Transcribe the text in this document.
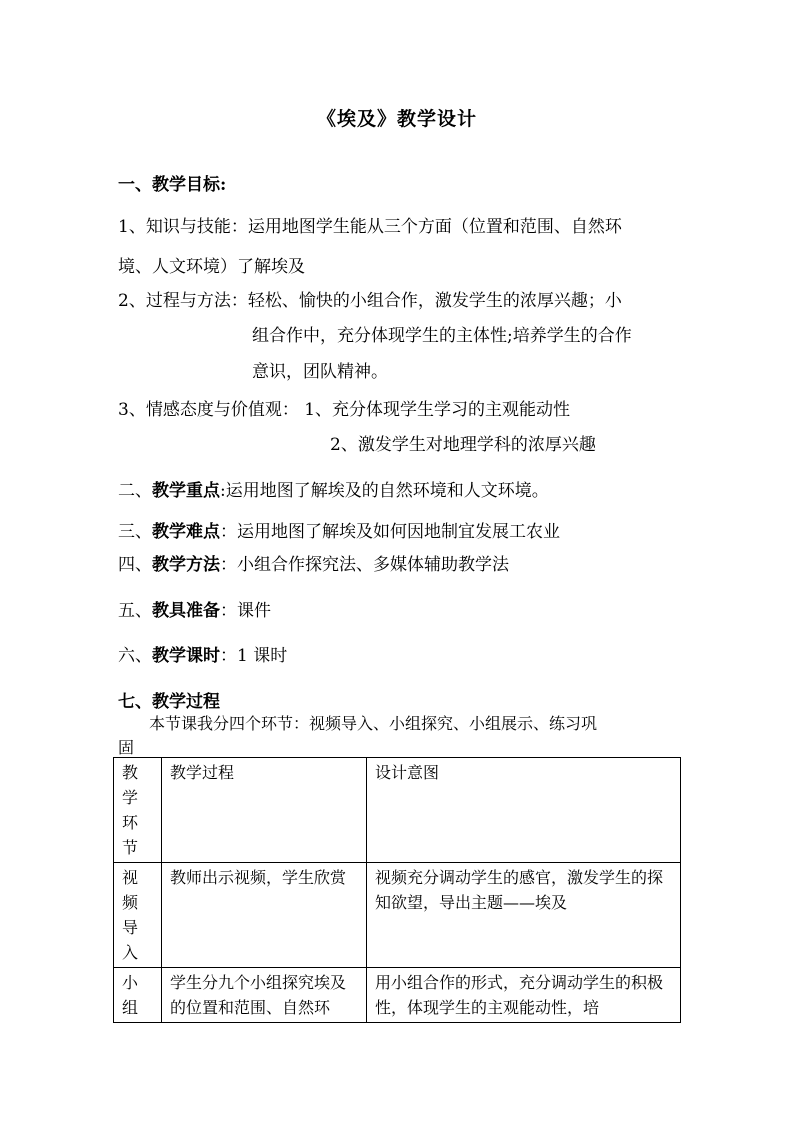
《埃及》教学设计
一、教学目标:
1、知识与技能：运用地图学生能从三个方面（位置和范围、自然环
境、人文环境）了解埃及
2、过程与方法：轻松、愉快的小组合作，激发学生的浓厚兴趣；小
组合作中，充分体现学生的主体性;培养学生的合作
意识，团队精神。
3、情感态度与价值观： 1、充分体现学生学习的主观能动性
2、激发学生对地理学科的浓厚兴趣
二、教学重点:运用地图了解埃及的自然环境和人文环境。
三、教学难点：运用地图了解埃及如何因地制宜发展工农业
四、教学方法：小组合作探究法、多媒体辅助教学法
五、教具准备：课件
六、教学课时：1 课时
七、教学过程
本节课我分四个环节：视频导入、小组探究、小组展示、练习巩
固
教学环节	教学过程	设计意图

视频导入	教师出示视频，学生欣赏	视频充分调动学生的感官，激发学生的探知欲望，导出主题——埃及

小组	学生分九个小组探究埃及的位置和范围、自然环	用小组合作的形式，充分调动学生的积极性，体现学生的主观能动性，培
